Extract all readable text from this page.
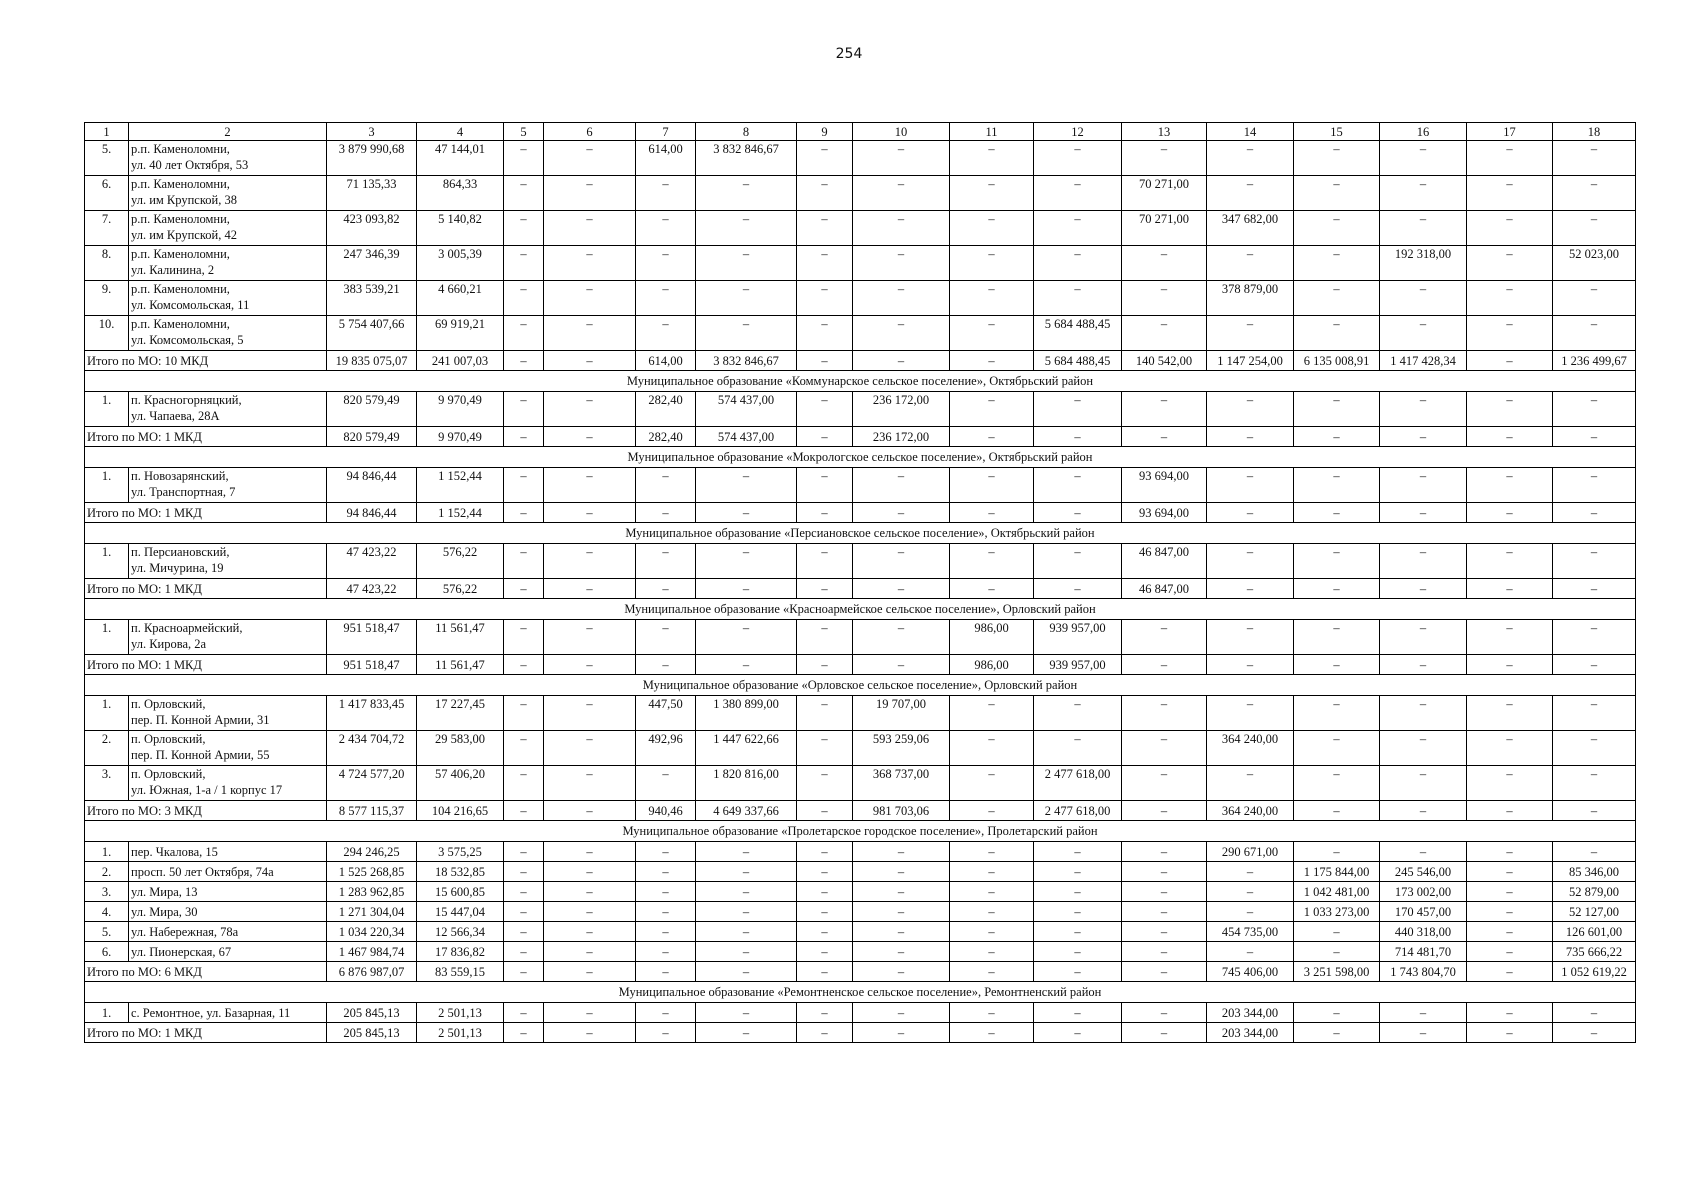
254
1	2	3	4	5	6	7	8	9	10	11	12	13	14	15	16	17	18
5.	р.п. Каменоломни,
ул. 40 лет Октября, 53	3 879 990,68	47 144,01	–	–	614,00	3 832 846,67	–	–	–	–	–	–	–	–	–	–
6.	р.п. Каменоломни,
ул. им Крупской, 38	71 135,33	864,33	–	–	–	–	–	–	–	–	70 271,00	–	–	–	–	–
7.	р.п. Каменоломни,
ул. им Крупской, 42	423 093,82	5 140,82	–	–	–	–	–	–	–	–	70 271,00	347 682,00	–	–	–	–
8.	р.п. Каменоломни,
ул. Калинина, 2	247 346,39	3 005,39	–	–	–	–	–	–	–	–	–	–	–	192 318,00	–	52 023,00
9.	р.п. Каменоломни,
ул. Комсомольская, 11	383 539,21	4 660,21	–	–	–	–	–	–	–	–	–	378 879,00	–	–	–	–
10.	р.п. Каменоломни,
ул. Комсомольская, 5	5 754 407,66	69 919,21	–	–	–	–	–	–	–	5 684 488,45	–	–	–	–	–	–
Итого по МО: 10 МКД		19 835 075,07	241 007,03	–	–	614,00	3 832 846,67	–	–	–	5 684 488,45	140 542,00	1 147 254,00	6 135 008,91	1 417 428,34	–	1 236 499,67
Муниципальное образование «Коммунарское сельское поселение», Октябрьский район																	
1.	п. Красногорняцкий,
ул. Чапаева, 28А	820 579,49	9 970,49	–	–	282,40	574 437,00	–	236 172,00	–	–	–	–	–	–	–	–
Итого по МО: 1 МКД		820 579,49	9 970,49	–	–	282,40	574 437,00	–	236 172,00	–	–	–	–	–	–	–	–
Муниципальное образование «Мокрологское сельское поселение», Октябрьский район																	
1.	п. Новозарянский,
ул. Транспортная, 7	94 846,44	1 152,44	–	–	–	–	–	–	–	–	93 694,00	–	–	–	–	–
Итого по МО: 1 МКД		94 846,44	1 152,44	–	–	–	–	–	–	–	–	93 694,00	–	–	–	–	–
Муниципальное образование «Персиановское сельское поселение», Октябрьский район																	
1.	п. Персиановский,
ул. Мичурина, 19	47 423,22	576,22	–	–	–	–	–	–	–	–	46 847,00	–	–	–	–	–
Итого по МО: 1 МКД		47 423,22	576,22	–	–	–	–	–	–	–	–	46 847,00	–	–	–	–	–
Муниципальное образование «Красноармейское сельское поселение», Орловский район																	
1.	п. Красноармейский,
ул. Кирова, 2а	951 518,47	11 561,47	–	–	–	–	–	–	986,00	939 957,00	–	–	–	–	–	–
Итого по МО: 1 МКД		951 518,47	11 561,47	–	–	–	–	–	–	986,00	939 957,00	–	–	–	–	–	–
Муниципальное образование «Орловское сельское поселение», Орловский район																	
1.	п. Орловский,
пер. П. Конной Армии, 31	1 417 833,45	17 227,45	–	–	447,50	1 380 899,00	–	19 707,00	–	–	–	–	–	–	–	–
2.	п. Орловский,
пер. П. Конной Армии, 55	2 434 704,72	29 583,00	–	–	492,96	1 447 622,66	–	593 259,06	–	–	–	364 240,00	–	–	–	–
3.	п. Орловский,
ул. Южная, 1-а / 1 корпус 17	4 724 577,20	57 406,20	–	–	–	1 820 816,00	–	368 737,00	–	2 477 618,00	–	–	–	–	–	–
Итого по МО: 3 МКД		8 577 115,37	104 216,65	–	–	940,46	4 649 337,66	–	981 703,06	–	2 477 618,00	–	364 240,00	–	–	–	–
Муниципальное образование «Пролетарское городское поселение», Пролетарский район																	
1.	пер. Чкалова, 15	294 246,25	3 575,25	–	–	–	–	–	–	–	–	–	290 671,00	–	–	–	–
2.	просп. 50 лет Октября, 74а	1 525 268,85	18 532,85	–	–	–	–	–	–	–	–	–	–	1 175 844,00	245 546,00	–	85 346,00
3.	ул. Мира, 13	1 283 962,85	15 600,85	–	–	–	–	–	–	–	–	–	–	1 042 481,00	173 002,00	–	52 879,00
4.	ул. Мира, 30	1 271 304,04	15 447,04	–	–	–	–	–	–	–	–	–	–	1 033 273,00	170 457,00	–	52 127,00
5.	ул. Набережная, 78а	1 034 220,34	12 566,34	–	–	–	–	–	–	–	–	–	454 735,00	–	440 318,00	–	126 601,00
6.	ул. Пионерская, 67	1 467 984,74	17 836,82	–	–	–	–	–	–	–	–	–	–	–	714 481,70	–	735 666,22
Итого по МО: 6 МКД		6 876 987,07	83 559,15	–	–	–	–	–	–	–	–	–	745 406,00	3 251 598,00	1 743 804,70	–	1 052 619,22
Муниципальное образование «Ремонтненское сельское поселение», Ремонтненский район																	
1.	с. Ремонтное, ул. Базарная, 11	205 845,13	2 501,13	–	–	–	–	–	–	–	–	–	203 344,00	–	–	–	–
Итого по МО: 1 МКД		205 845,13	2 501,13	–	–	–	–	–	–	–	–	–	203 344,00	–	–	–	–
